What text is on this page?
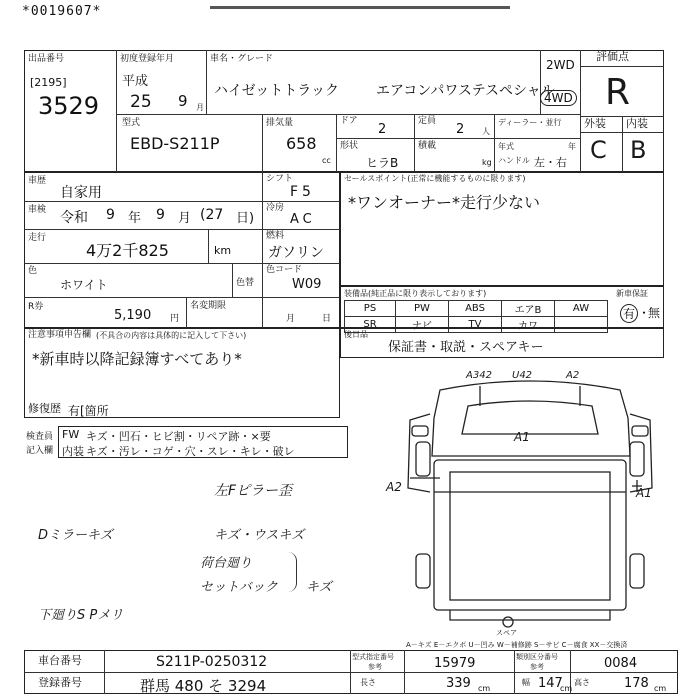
*0019607*
出品番号
[2195]
3529
初度登録年月
平成
25 9 月
車名・グレード
ハイゼットトラック	エアコンパワステスペシャル
2WD
4WD
評価点
R
外装 内装
C B
型式
EBD-S211P
排気量
658
cc
ドア
2
定員
2 人
ディーラー・並行
年式	年
ハンドル 左・右
形状
ヒラB
積載
kg
車歴
自家用
シフト
F5
車検 令和 9 年 9 月 (27 日)
冷房
AC
走行
4万2千825	km
燃料
ガソリン
色
ホワイト	色替
色コード
W09
R券
5,190 円
名変期限
月	日
セールスポイント(正常に機能するものに限ります)
*ワンオーナー*走行少ない
装備品(純正品に限り表示しております)	新車保証
PS	PW	ABS	エアB	AW
SR	ナビ	TV	カワ	
有 ・
無
後日品
保証書・取説・スペアキー
注意事項申告欄 (不具合の内容は具体的に記入して下さい)
*新車時以降記録簿すべてあり*
修復歴 有[箇所
検査員
記入欄
FW キズ・凹石・ヒビ割・リペア跡・×要
内装 キズ・汚レ・コゲ・穴・スレ・キレ・破レ
左Fピラー歪
Dミラーキズ	キズ・ウスキズ
荷台廻り
セットバック キズ
下廻りS Pメリ
A342 U42	A2
A1
A2	A1
スペア
A－キズ E－エクボ U－凹み W－補修跡 S－サビ C－腐食 XX－交換済
車台番号	S211P-0250312
登録番号	群馬 480 そ 3294
型式指定番号
参考	15979	類別区分番号
参考	0084
長さ	339 cm
幅 147
cm
高さ	178 cm
